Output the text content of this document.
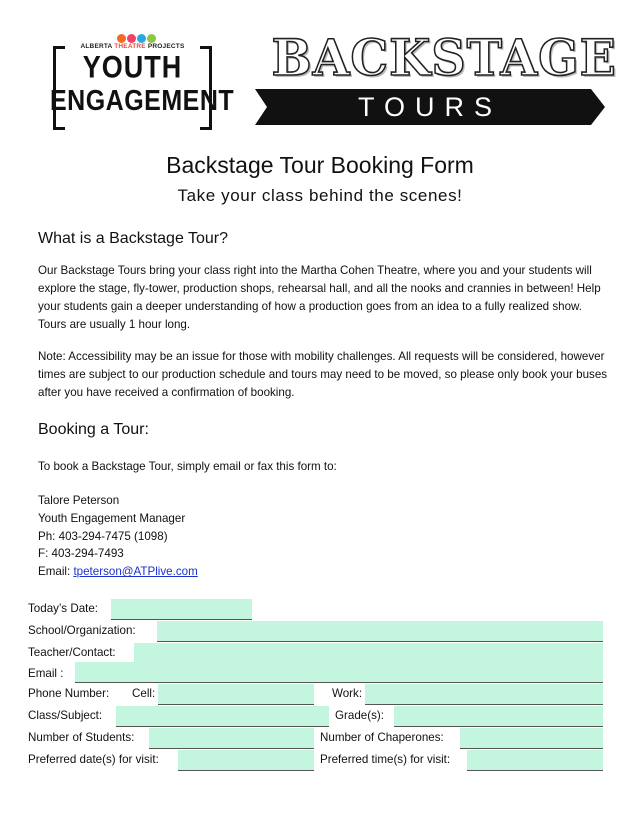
ALBERTA THEATRE PROJECTS
YOUTH
ENGAGEMENT
BACKSTAGE
TOURS
Backstage Tour Booking Form
Take your class behind the scenes!
What is a Backstage Tour?
Our Backstage Tours bring your class right into the Martha Cohen Theatre, where you and your students will explore the stage, fly-tower, production shops, rehearsal hall, and all the nooks and crannies in between! Help your students gain a deeper understanding of how a production goes from an idea to a fully realized show. Tours are usually 1 hour long.
Note: Accessibility may be an issue for those with mobility challenges. All requests will be considered, however times are subject to our production schedule and tours may need to be moved, so please only book your buses after you have received a confirmation of booking.
Booking a Tour:
To book a Backstage Tour, simply email or fax this form to:
Talore Peterson
Youth Engagement Manager
Ph: 403-294-7475 (1098)
F: 403-294-7493
Email: tpeterson@ATPlive.com
Today’s Date:
School/Organization:
Teacher/Contact:
Email :
Phone Number: Cell:	Work:
Class/Subject:	Grade(s):
Number of Students:	Number of Chaperones:
Preferred date(s) for visit:	Preferred time(s) for visit:
